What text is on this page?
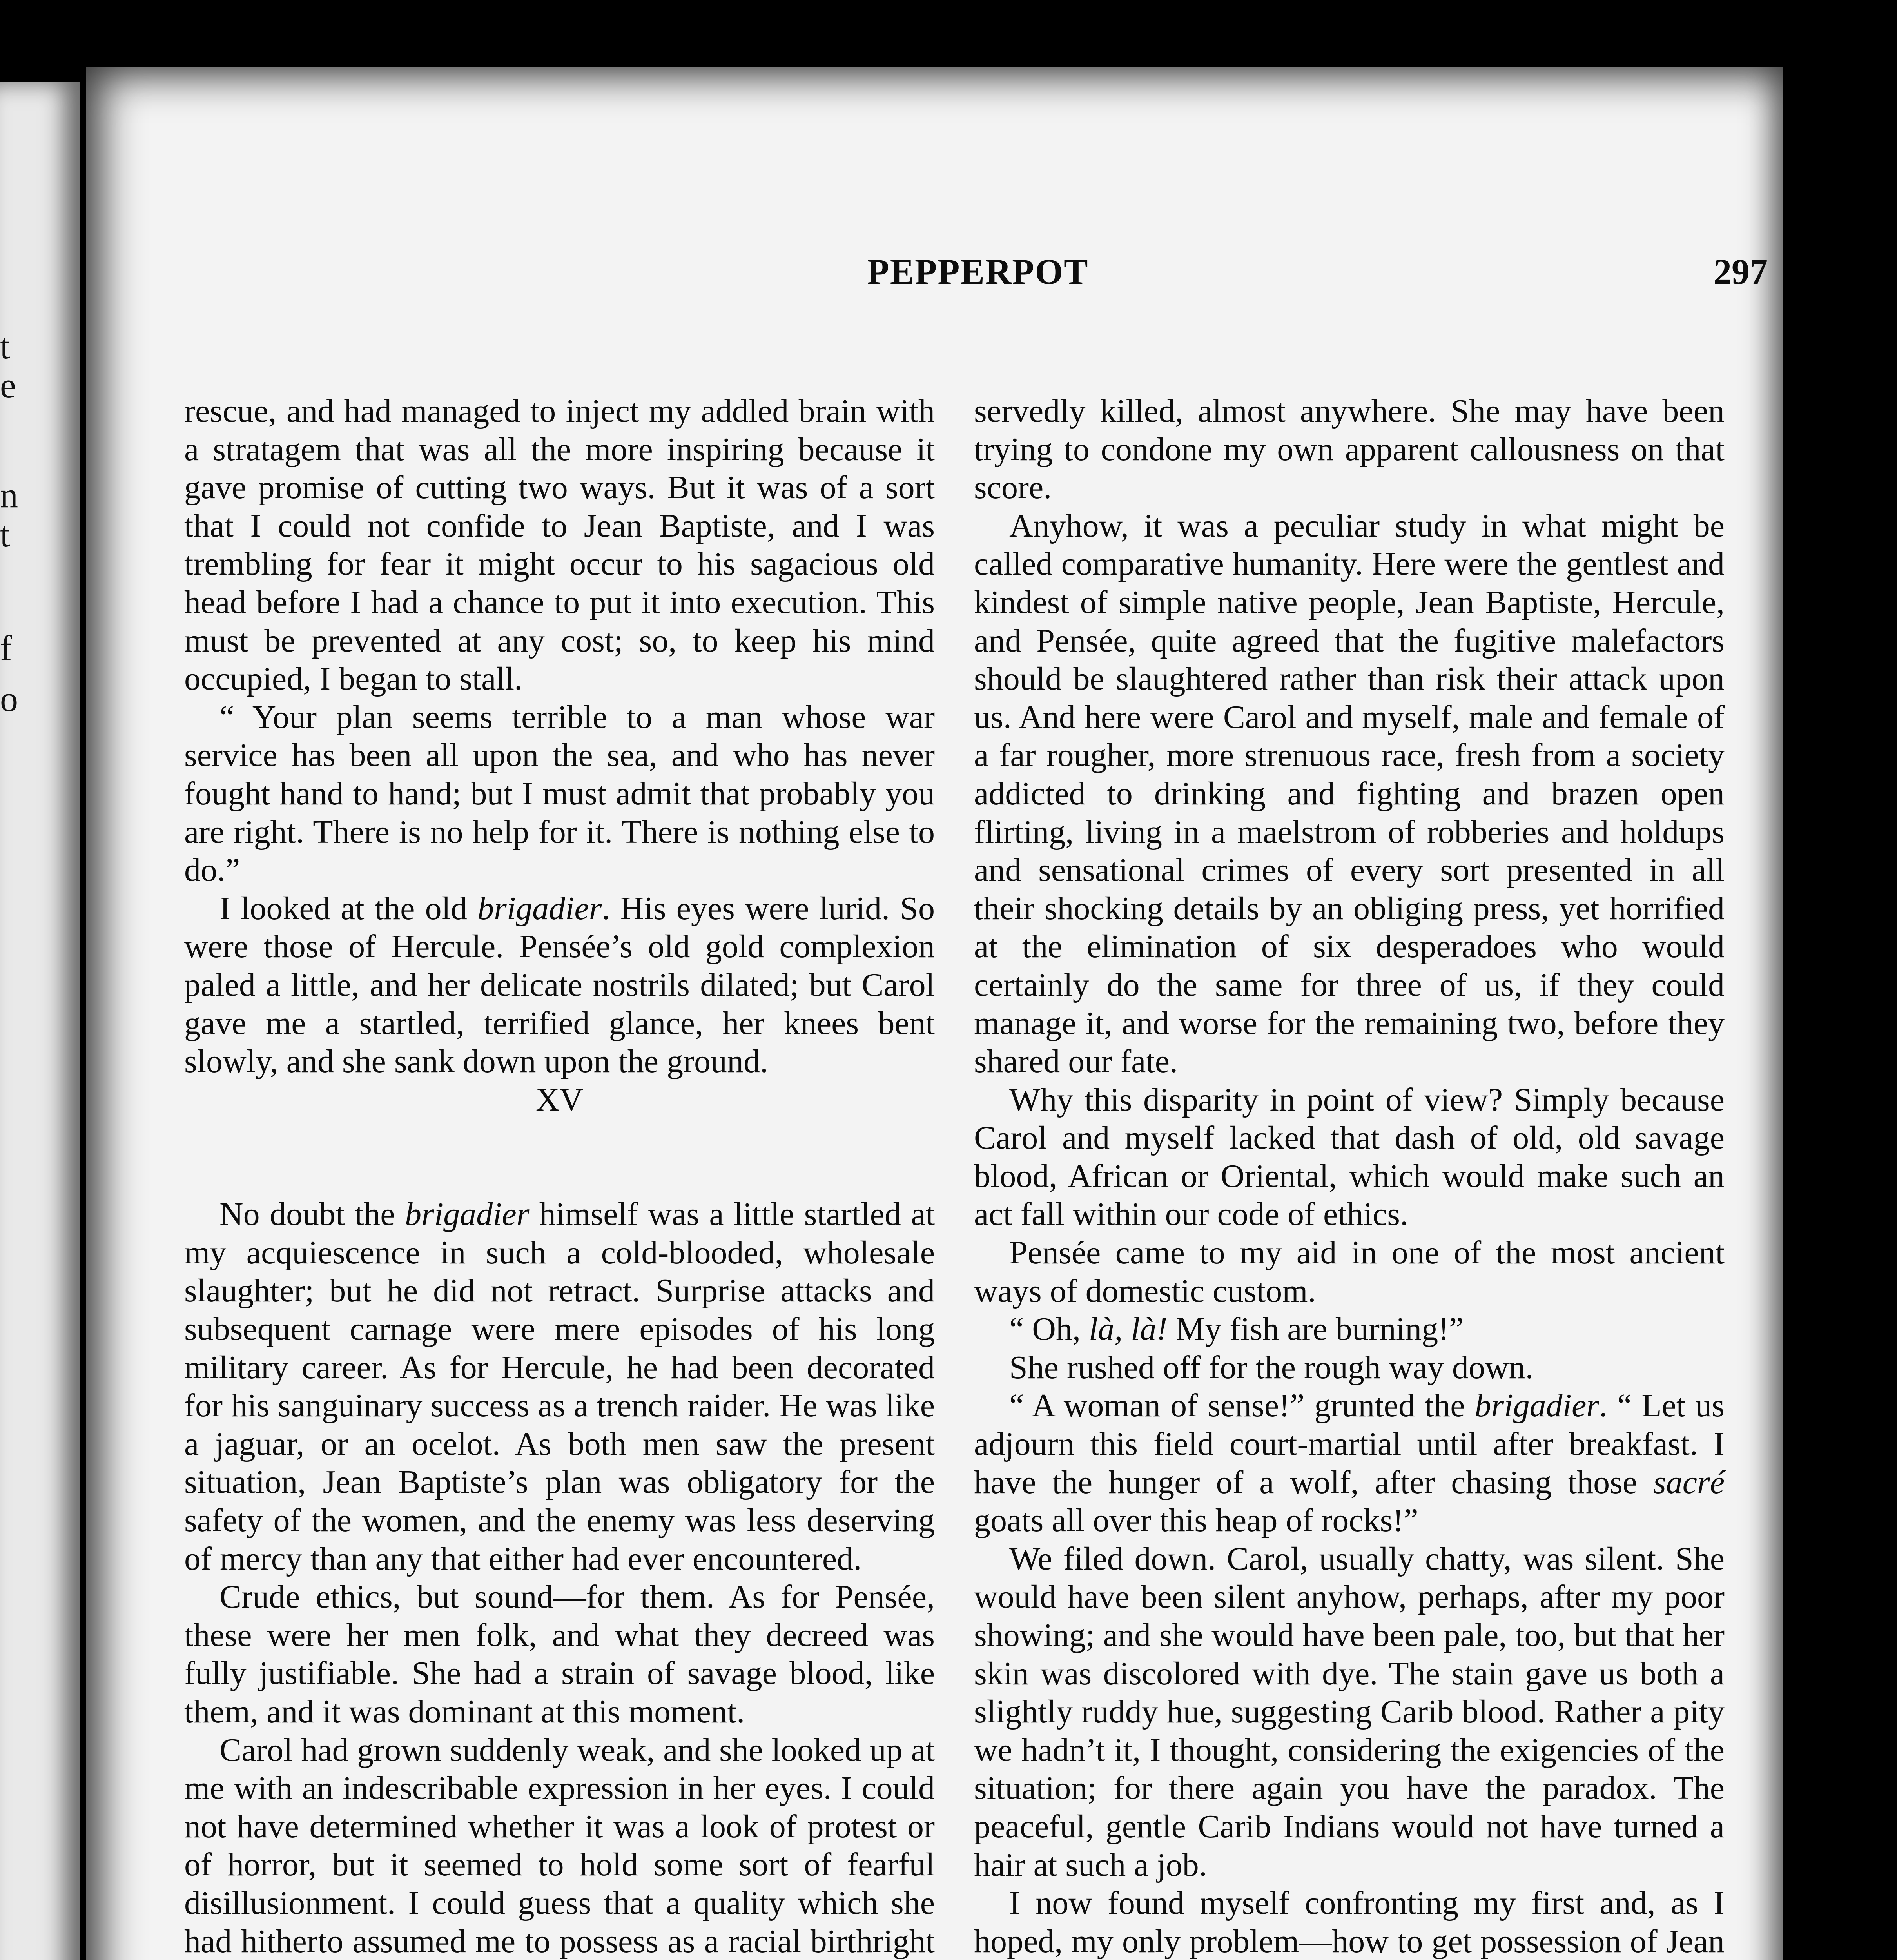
t
e
n
t
f
o
PEPPERPOT	297

rescue, and had managed to inject my addled brain with a stratagem that was all the more inspiring because it gave promise of cutting two ways. But it was of a sort that I could not confide to Jean Baptiste, and I was trembling for fear it might occur to his sagacious old head before I had a chance to put it into execution. This must be prevented at any cost; so, to keep his mind occupied, I began to stall.

“ Your plan seems terrible to a man whose war service has been all upon the sea, and who has never fought hand to hand; but I must admit that probably you are right. There is no help for it. There is nothing else to do.”

I looked at the old brigadier. His eyes were lurid. So were those of Hercule. Pensée’s old gold complexion paled a little, and her delicate nostrils dilated; but Carol gave me a startled, terrified glance, her knees bent slowly, and she sank down upon the ground.

XV

No doubt the brigadier himself was a little startled at my acquiescence in such a cold-blooded, wholesale slaughter; but he did not retract. Surprise attacks and subsequent carnage were mere episodes of his long military career. As for Hercule, he had been decorated for his sanguinary success as a trench raider. He was like a jaguar, or an ocelot. As both men saw the present situation, Jean Baptiste’s plan was obligatory for the safety of the women, and the enemy was less deserving of mercy than any that either had ever encountered.

Crude ethics, but sound—for them. As for Pensée, these were her men folk, and what they decreed was fully justifiable. She had a strain of savage blood, like them, and it was dominant at this moment.

Carol had grown suddenly weak, and she looked up at me with an indescribable expression in her eyes. I could not have determined whether it was a look of protest or of horror, but it seemed to hold some sort of fearful disillusionment. I could guess that a quality which she had hitherto assumed me to possess as a racial birthright

servedly killed, almost anywhere. She may have been trying to condone my own apparent callousness on that score.

Anyhow, it was a peculiar study in what might be called comparative humanity. Here were the gentlest and kindest of simple native people, Jean Baptiste, Hercule, and Pensée, quite agreed that the fugitive malefactors should be slaughtered rather than risk their attack upon us. And here were Carol and myself, male and female of a far rougher, more strenuous race, fresh from a society addicted to drinking and fighting and brazen open flirting, living in a maelstrom of robberies and holdups and sensational crimes of every sort presented in all their shocking details by an obliging press, yet horrified at the elimination of six desperadoes who would certainly do the same for three of us, if they could manage it, and worse for the remaining two, before they shared our fate.

Why this disparity in point of view? Simply because Carol and myself lacked that dash of old, old savage blood, African or Oriental, which would make such an act fall within our code of ethics.

Pensée came to my aid in one of the most ancient ways of domestic custom.

“ Oh, là, là! My fish are burning!”

She rushed off for the rough way down.

“ A woman of sense!” grunted the brigadier. “ Let us adjourn this field court-martial until after breakfast. I have the hunger of a wolf, after chasing those sacré goats all over this heap of rocks!”

We filed down. Carol, usually chatty, was silent. She would have been silent anyhow, perhaps, after my poor showing; and she would have been pale, too, but that her skin was discolored with dye. The stain gave us both a slightly ruddy hue, suggesting Carib blood. Rather a pity we hadn’t it, I thought, considering the exigencies of the situation; for there again you have the paradox. The peaceful, gentle Carib Indians would not have turned a hair at such a job.

I now found myself confronting my first and, as I hoped, my only problem—how to get possession of Jean
